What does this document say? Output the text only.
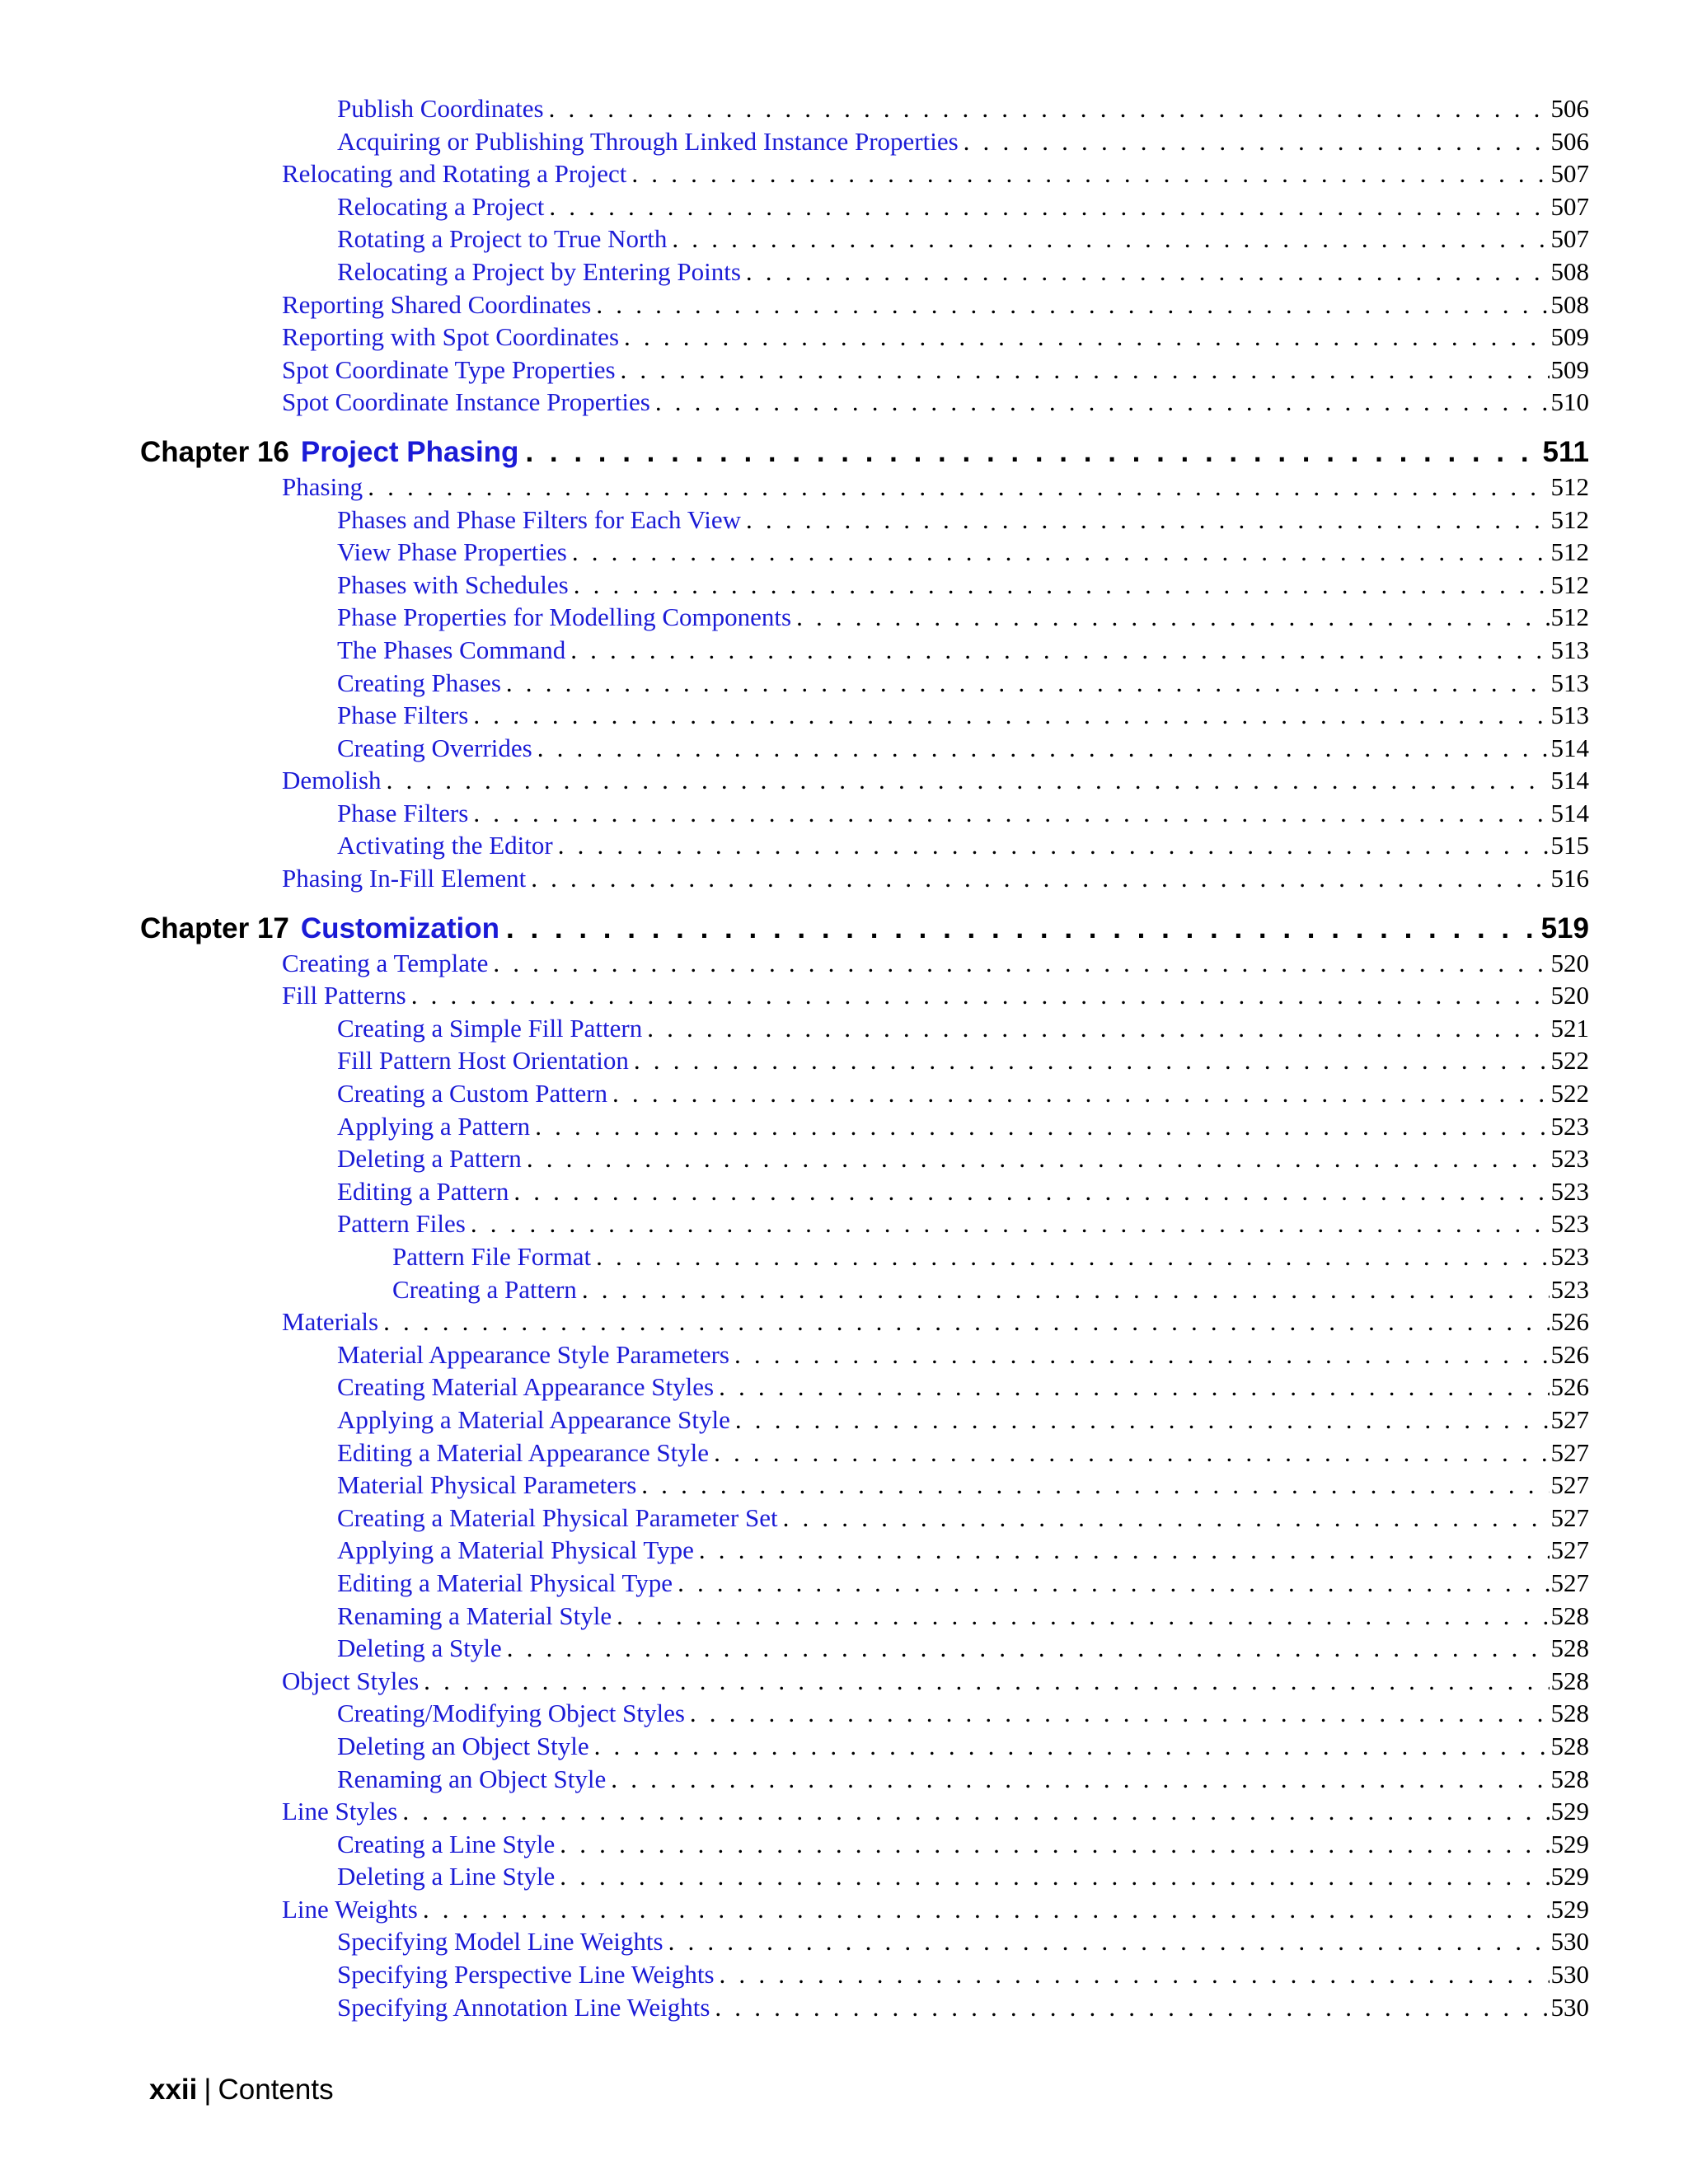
Publish Coordinates . . .	506
Acquiring or Publishing Through Linked Instance Properties . . .	506
Relocating and Rotating a Project . . .	507
Relocating a Project . . .	507
Rotating a Project to True North . . .	507
Relocating a Project by Entering Points . . .	508
Reporting Shared Coordinates . . .	508
Reporting with Spot Coordinates . . .	509
Spot Coordinate Type Properties . . .	509
Spot Coordinate Instance Properties . . .	510
Chapter 16 Project Phasing . . .	511
Phasing . . .	512
Phases and Phase Filters for Each View . . .	512
View Phase Properties . . .	512
Phases with Schedules . . .	512
Phase Properties for Modelling Components . . .	512
The Phases Command . . .	513
Creating Phases . . .	513
Phase Filters . . .	513
Creating Overrides . . .	514
Demolish . . .	514
Phase Filters . . .	514
Activating the Editor . . .	515
Phasing In-Fill Element . . .	516
Chapter 17 Customization . . .	519
Creating a Template . . .	520
Fill Patterns . . .	520
Creating a Simple Fill Pattern . . .	521
Fill Pattern Host Orientation . . .	522
Creating a Custom Pattern . . .	522
Applying a Pattern . . .	523
Deleting a Pattern . . .	523
Editing a Pattern . . .	523
Pattern Files . . .	523
Pattern File Format . . .	523
Creating a Pattern . . .	523
Materials . . .	526
Material Appearance Style Parameters . . .	526
Creating Material Appearance Styles . . .	526
Applying a Material Appearance Style . . .	527
Editing a Material Appearance Style . . .	527
Material Physical Parameters . . .	527
Creating a Material Physical Parameter Set . . .	527
Applying a Material Physical Type . . .	527
Editing a Material Physical Type . . .	527
Renaming a Material Style . . .	528
Deleting a Style . . .	528
Object Styles . . .	528
Creating/Modifying Object Styles . . .	528
Deleting an Object Style . . .	528
Renaming an Object Style . . .	528
Line Styles . . .	529
Creating a Line Style . . .	529
Deleting a Line Style . . .	529
Line Weights . . .	529
Specifying Model Line Weights . . .	530
Specifying Perspective Line Weights . . .	530
Specifying Annotation Line Weights . . .	530
xxii | Contents
